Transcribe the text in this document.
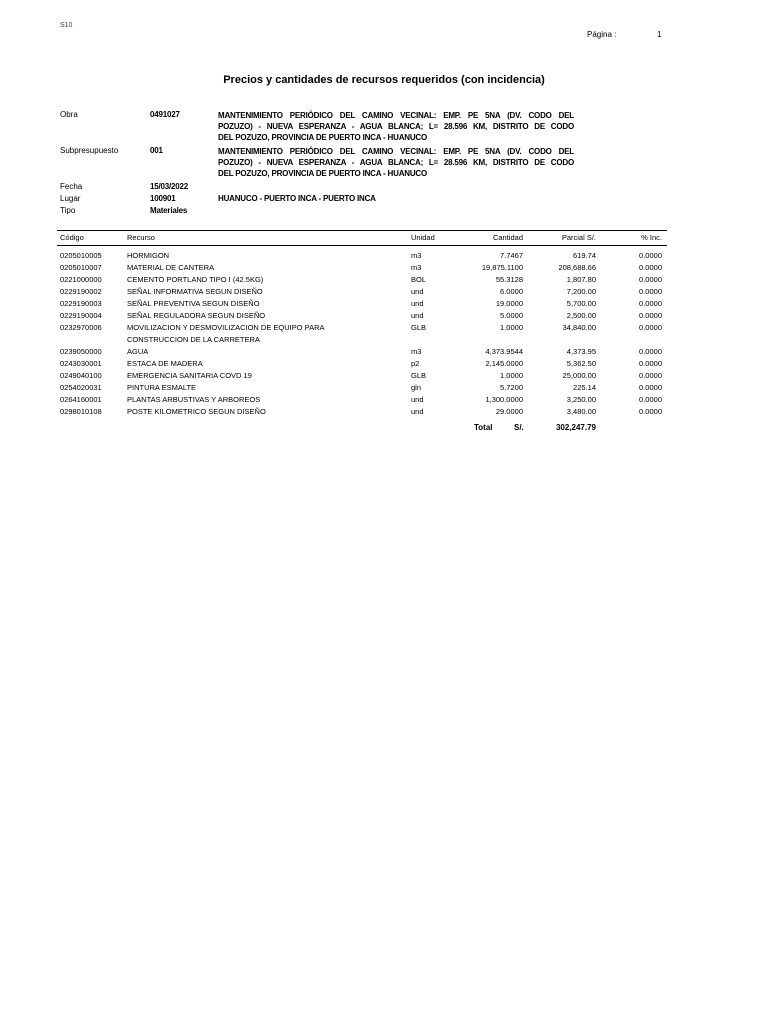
S10
Página :	1
Precios y cantidades de recursos requeridos (con incidencia)
Obra	0491027	MANTENIMIENTO PERIÓDICO DEL CAMINO VECINAL: EMP. PE 5NA (DV. CODO DEL
POZUZO) - NUEVA ESPERANZA - AGUA BLANCA; L= 28.596 KM, DISTRITO DE CODO
DEL POZUZO, PROVINCIA DE PUERTO INCA - HUANUCO
Subpresupuesto	001	MANTENIMIENTO PERIÓDICO DEL CAMINO VECINAL: EMP. PE 5NA (DV. CODO DEL
POZUZO) - NUEVA ESPERANZA - AGUA BLANCA; L= 28.596 KM, DISTRITO DE CODO
DEL POZUZO, PROVINCIA DE PUERTO INCA - HUANUCO
Fecha	15/03/2022
Lugar	100901	HUANUCO - PUERTO INCA - PUERTO INCA
Tipo	Materiales
Código	Recurso	Unidad	Cantidad	Parcial S/.	% Inc.
0205010005	HORMIGON	m3	7.7467	619.74	0.0000
0205010007	MATERIAL DE CANTERA	m3	19,875.1100	208,688.66	0.0000
0221000000	CEMENTO PORTLAND TIPO I (42.5KG)	BOL	55.3128	1,807.80	0.0000
0229190002	SEÑAL INFORMATIVA SEGUN DISEÑO	und	6.0000	7,200.00	0.0000
0229190003	SEÑAL PREVENTIVA SEGUN DISEÑO	und	19.0000	5,700.00	0.0000
0229190004	SEÑAL REGULADORA SEGUN DISEÑO	und	5.0000	2,500.00	0.0000
0232970006	MOVILIZACION Y DESMOVILIZACION DE EQUIPO PARA	GLB	1.0000	34,840.00	0.0000
CONSTRUCCION DE LA CARRETERA
0239050000	AGUA	m3	4,373.9544	4,373.95	0.0000
0243030001	ESTACA DE MADERA	p2	2,145.0000	5,362.50	0.0000
0249040100	EMERGENCIA SANITARIA COVD 19	GLB	1.0000	25,000.00	0.0000
0254020031	PINTURA ESMALTE	gln	5.7200	225.14	0.0000
0264160001	PLANTAS ARBUSTIVAS Y ARBOREOS	und	1,300.0000	3,250.00	0.0000
0298010108	POSTE KILOMETRICO SEGUN DISEÑO	und	29.0000	3,480.00	0.0000
Total	S/.	302,247.79
